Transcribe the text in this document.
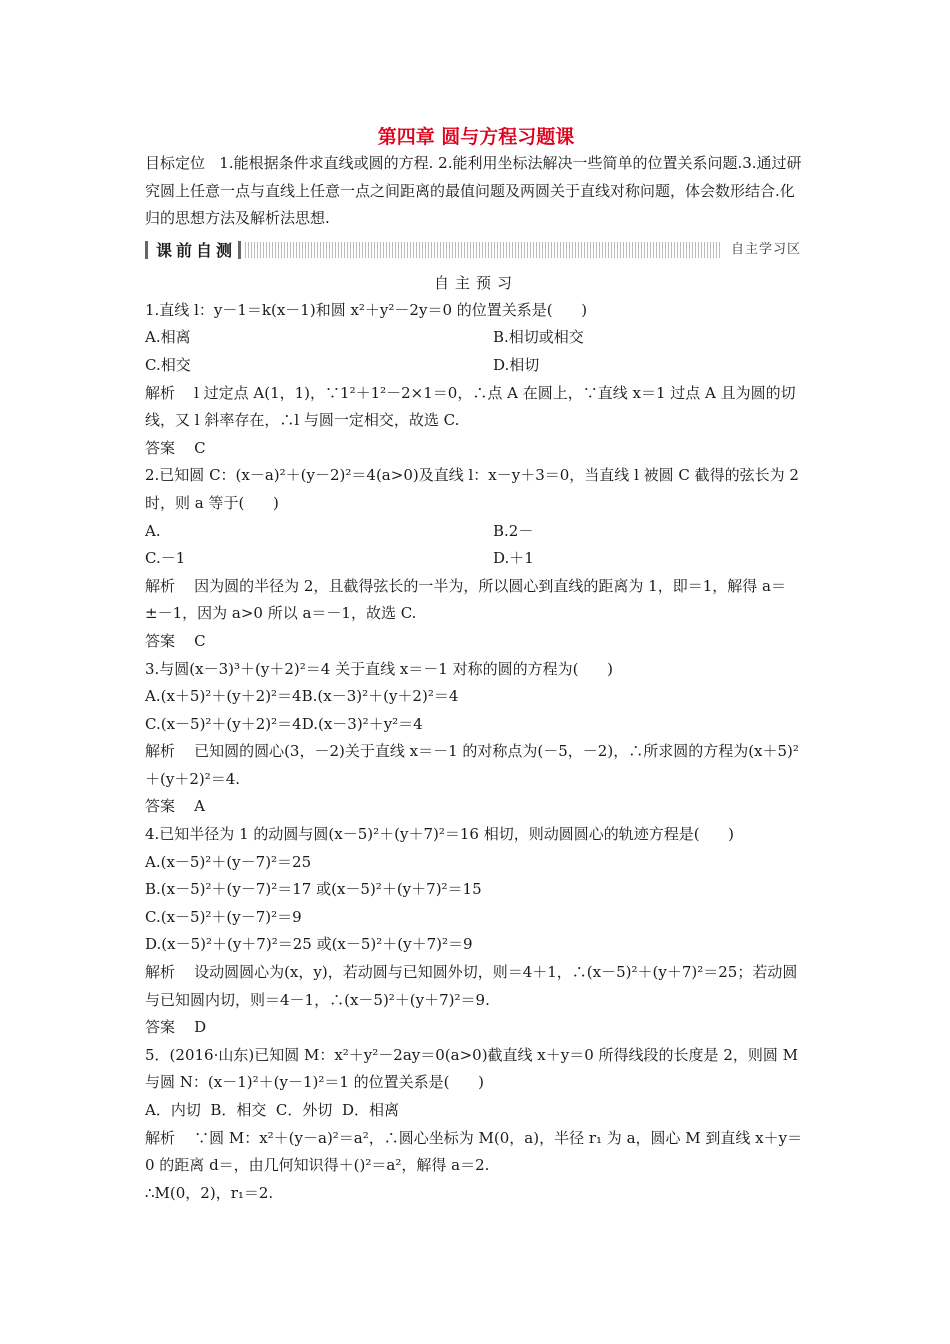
第四章 圆与方程习题课

目标定位   1.能根据条件求直线或圆的方程. 2.能利用坐标法解决一些简单的位置关系问题.3.通过研究圆上任意一点与直线上任意一点之间距离的最值问题及两圆关于直线对称问题，体会数形结合.化归的思想方法及解析法思想.

课前自测	自主学习区
自主预习

1.直线 l：y－1＝k(x－1)和圆 x²＋y²－2y＝0 的位置关系是(      )

A.相离	B.相切或相交
C.相交	D.相切

解析    l 过定点 A(1，1)，∵1²＋1²－2×1＝0，∴点 A 在圆上，∵直线 x＝1 过点 A 且为圆的切线，又 l 斜率存在，∴l 与圆一定相交，故选 C.

答案    C

2.已知圆 C：(x－a)²＋(y－2)²＝4(a>0)及直线 l：x－y＋3＝0，当直线 l 被圆 C 截得的弦长为 2 时，则 a 等于(      )

A.	B.2－
C.－1	D.＋1

解析    因为圆的半径为 2，且截得弦长的一半为，所以圆心到直线的距离为 1，即＝1，解得 a＝±－1，因为 a>0 所以 a＝－1，故选 C.

答案    C

3.与圆(x－3)³＋(y＋2)²＝4 关于直线 x＝－1 对称的圆的方程为(      )

A.(x＋5)²＋(y＋2)²＝4B.(x－3)²＋(y＋2)²＝4

C.(x－5)²＋(y＋2)²＝4D.(x－3)²＋y²＝4

解析    已知圆的圆心(3，－2)关于直线 x＝－1 的对称点为(－5，－2)，∴所求圆的方程为(x＋5)²＋(y＋2)²＝4.

答案    A

4.已知半径为 1 的动圆与圆(x－5)²＋(y＋7)²＝16 相切，则动圆圆心的轨迹方程是(      )

A.(x－5)²＋(y－7)²＝25

B.(x－5)²＋(y－7)²＝17 或(x－5)²＋(y＋7)²＝15

C.(x－5)²＋(y－7)²＝9

D.(x－5)²＋(y＋7)²＝25 或(x－5)²＋(y＋7)²＝9

解析    设动圆圆心为(x，y)，若动圆与已知圆外切，则＝4＋1，∴(x－5)²＋(y＋7)²＝25；若动圆与已知圆内切，则＝4－1，∴(x－5)²＋(y＋7)²＝9.

答案    D

5．(2016·山东)已知圆 M：x²＋y²－2ay＝0(a>0)截直线 x＋y＝0 所得线段的长度是 2，则圆 M 与圆 N：(x－1)²＋(y－1)²＝1 的位置关系是(      )

A．内切  B．相交  C．外切  D．相离

解析    ∵圆 M：x²＋(y－a)²＝a²，∴圆心坐标为 M(0，a)，半径 r₁ 为 a，圆心 M 到直线 x＋y＝0 的距离 d＝，由几何知识得＋()²＝a²，解得 a＝2.

∴M(0，2)，r₁＝2.
